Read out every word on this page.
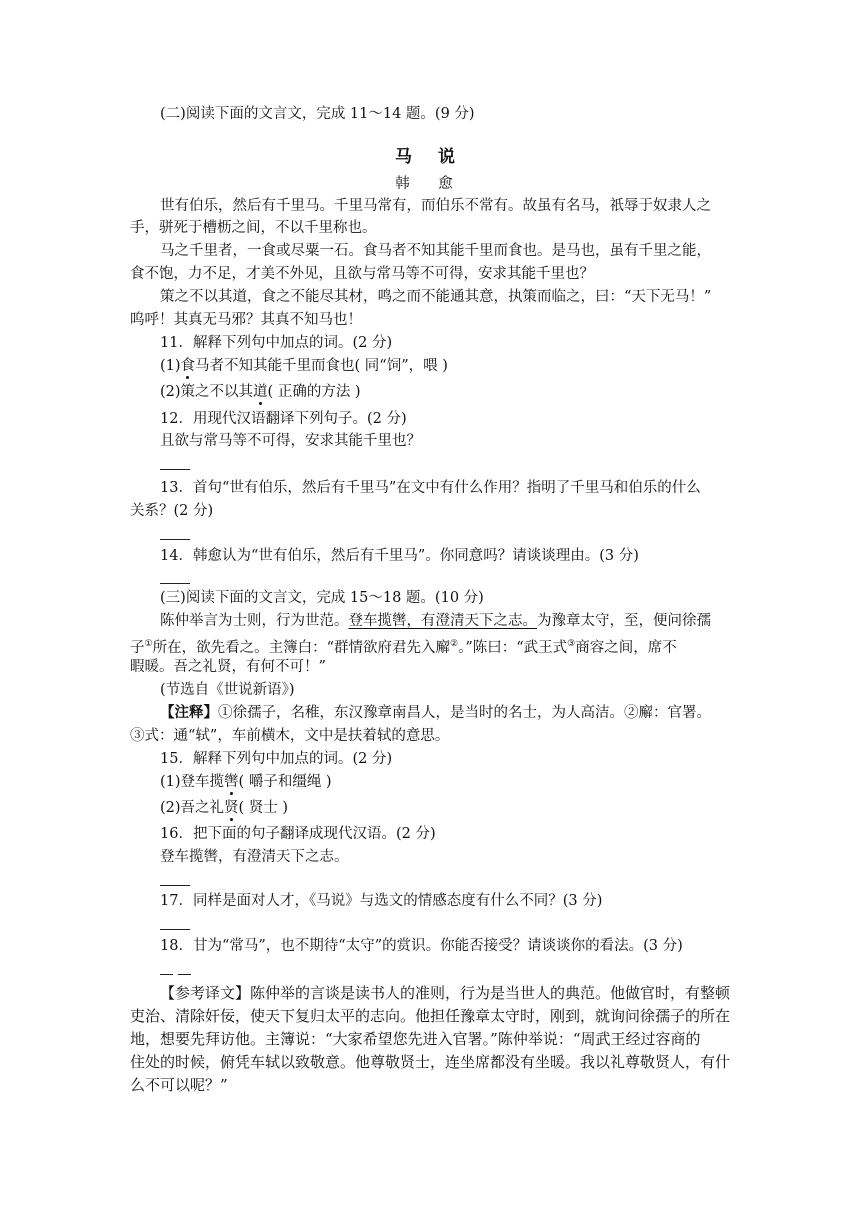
(二)阅读下面的文言文，完成 11～14 题。(9 分)
马 说
韩 愈
世有伯乐，然后有千里马。千里马常有，而伯乐不常有。故虽有名马，祇辱于奴隶人之
手，骈死于槽枥之间，不以千里称也。
马之千里者，一食或尽粟一石。食马者不知其能千里而食也。是马也，虽有千里之能，
食不饱，力不足，才美不外见，且欲与常马等不可得，安求其能千里也？
策之不以其道，食之不能尽其材，鸣之而不能通其意，执策而临之，曰：“天下无马！”
呜呼！其真无马邪？其真不知马也！
11．解释下列句中加点的词。(2 分)
(1)食马者不知其能千里而食也( 同“饲”，喂 )
(2)策之不以其道( 正确的方法 )
12．用现代汉语翻译下列句子。(2 分)
且欲与常马等不可得，安求其能千里也？
13．首句“世有伯乐，然后有千里马”在文中有什么作用？指明了千里马和伯乐的什么
关系？(2 分)
14．韩愈认为“世有伯乐，然后有千里马”。你同意吗？请谈谈理由。(3 分)
(三)阅读下面的文言文，完成 15～18 题。(10 分)
陈仲举言为士则，行为世范。登车揽辔，有澄清天下之志。为豫章太守，至，便问徐孺
子①所在，欲先看之。主簿白：“群情欲府君先入廨②。”陈曰：“武王式③商容之间，席不
暇暖。吾之礼贤，有何不可！”
(节选自《世说新语》)
【注释】①徐孺子，名稚，东汉豫章南昌人，是当时的名士，为人高洁。②廨：官署。
③式：通“轼”，车前横木，文中是扶着轼的意思。
15．解释下列句中加点的词。(2 分)
(1)登车揽辔( 嚼子和缰绳 )
(2)吾之礼贤( 贤士 )
16．把下面的句子翻译成现代汉语。(2 分)
登车揽辔，有澄清天下之志。
17．同样是面对人才，《马说》与选文的情感态度有什么不同？(3 分)
18．甘为“常马”，也不期待“太守”的赏识。你能否接受？请谈谈你的看法。(3 分)
【参考译文】陈仲举的言谈是读书人的准则，行为是当世人的典范。他做官时，有整顿
吏治、清除奸佞，使天下复归太平的志向。他担任豫章太守时，刚到，就询问徐孺子的所在
地，想要先拜访他。主簿说：“大家希望您先进入官署。”陈仲举说：“周武王经过容商的
住处的时候，俯凭车轼以致敬意。他尊敬贤士，连坐席都没有坐暖。我以礼尊敬贤人，有什
么不可以呢？”
